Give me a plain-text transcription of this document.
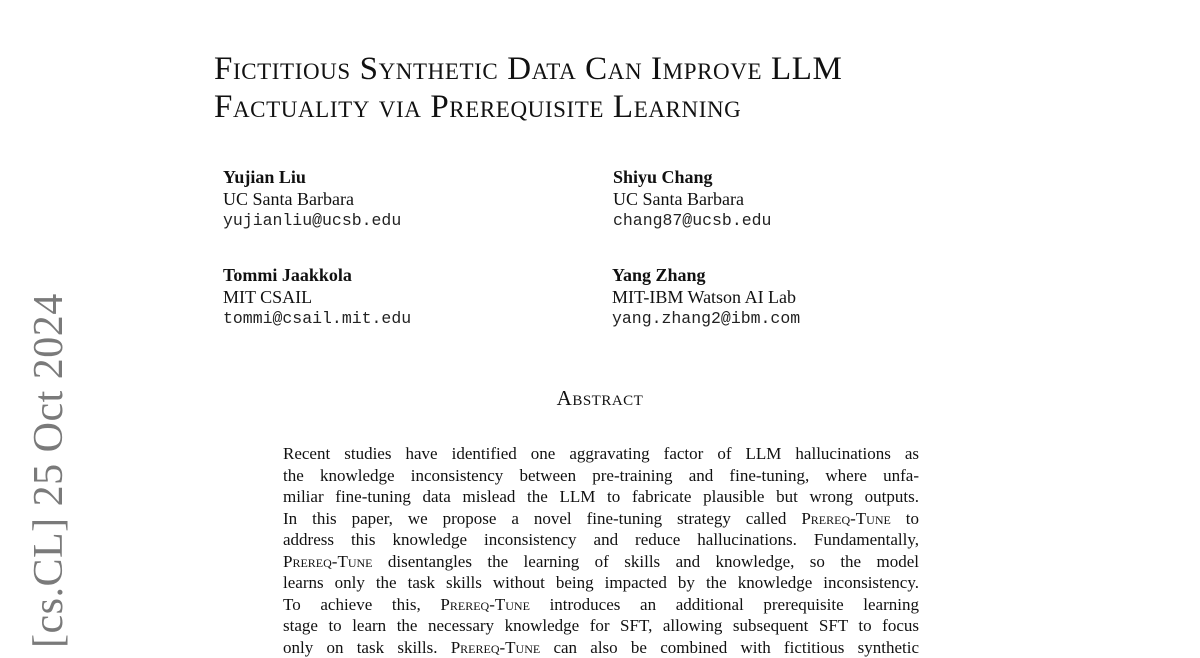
[cs.CL] 25 Oct 2024
Fictitious Synthetic Data Can Improve LLM
Factuality via Prerequisite Learning
Yujian Liu
UC Santa Barbara
yujianliu@ucsb.edu
Shiyu Chang
UC Santa Barbara
chang87@ucsb.edu
Tommi Jaakkola
MIT CSAIL
tommi@csail.mit.edu
Yang Zhang
MIT-IBM Watson AI Lab
yang.zhang2@ibm.com
Abstract
Recent studies have identified one aggravating factor of LLM hallucinations as
the knowledge inconsistency between pre-training and fine-tuning, where unfa-
miliar fine-tuning data mislead the LLM to fabricate plausible but wrong outputs.
In this paper, we propose a novel fine-tuning strategy called Prereq-Tune to
address this knowledge inconsistency and reduce hallucinations. Fundamentally,
Prereq-Tune disentangles the learning of skills and knowledge, so the model
learns only the task skills without being impacted by the knowledge inconsistency.
To achieve this, Prereq-Tune introduces an additional prerequisite learning
stage to learn the necessary knowledge for SFT, allowing subsequent SFT to focus
only on task skills. Prereq-Tune can also be combined with fictitious synthetic
